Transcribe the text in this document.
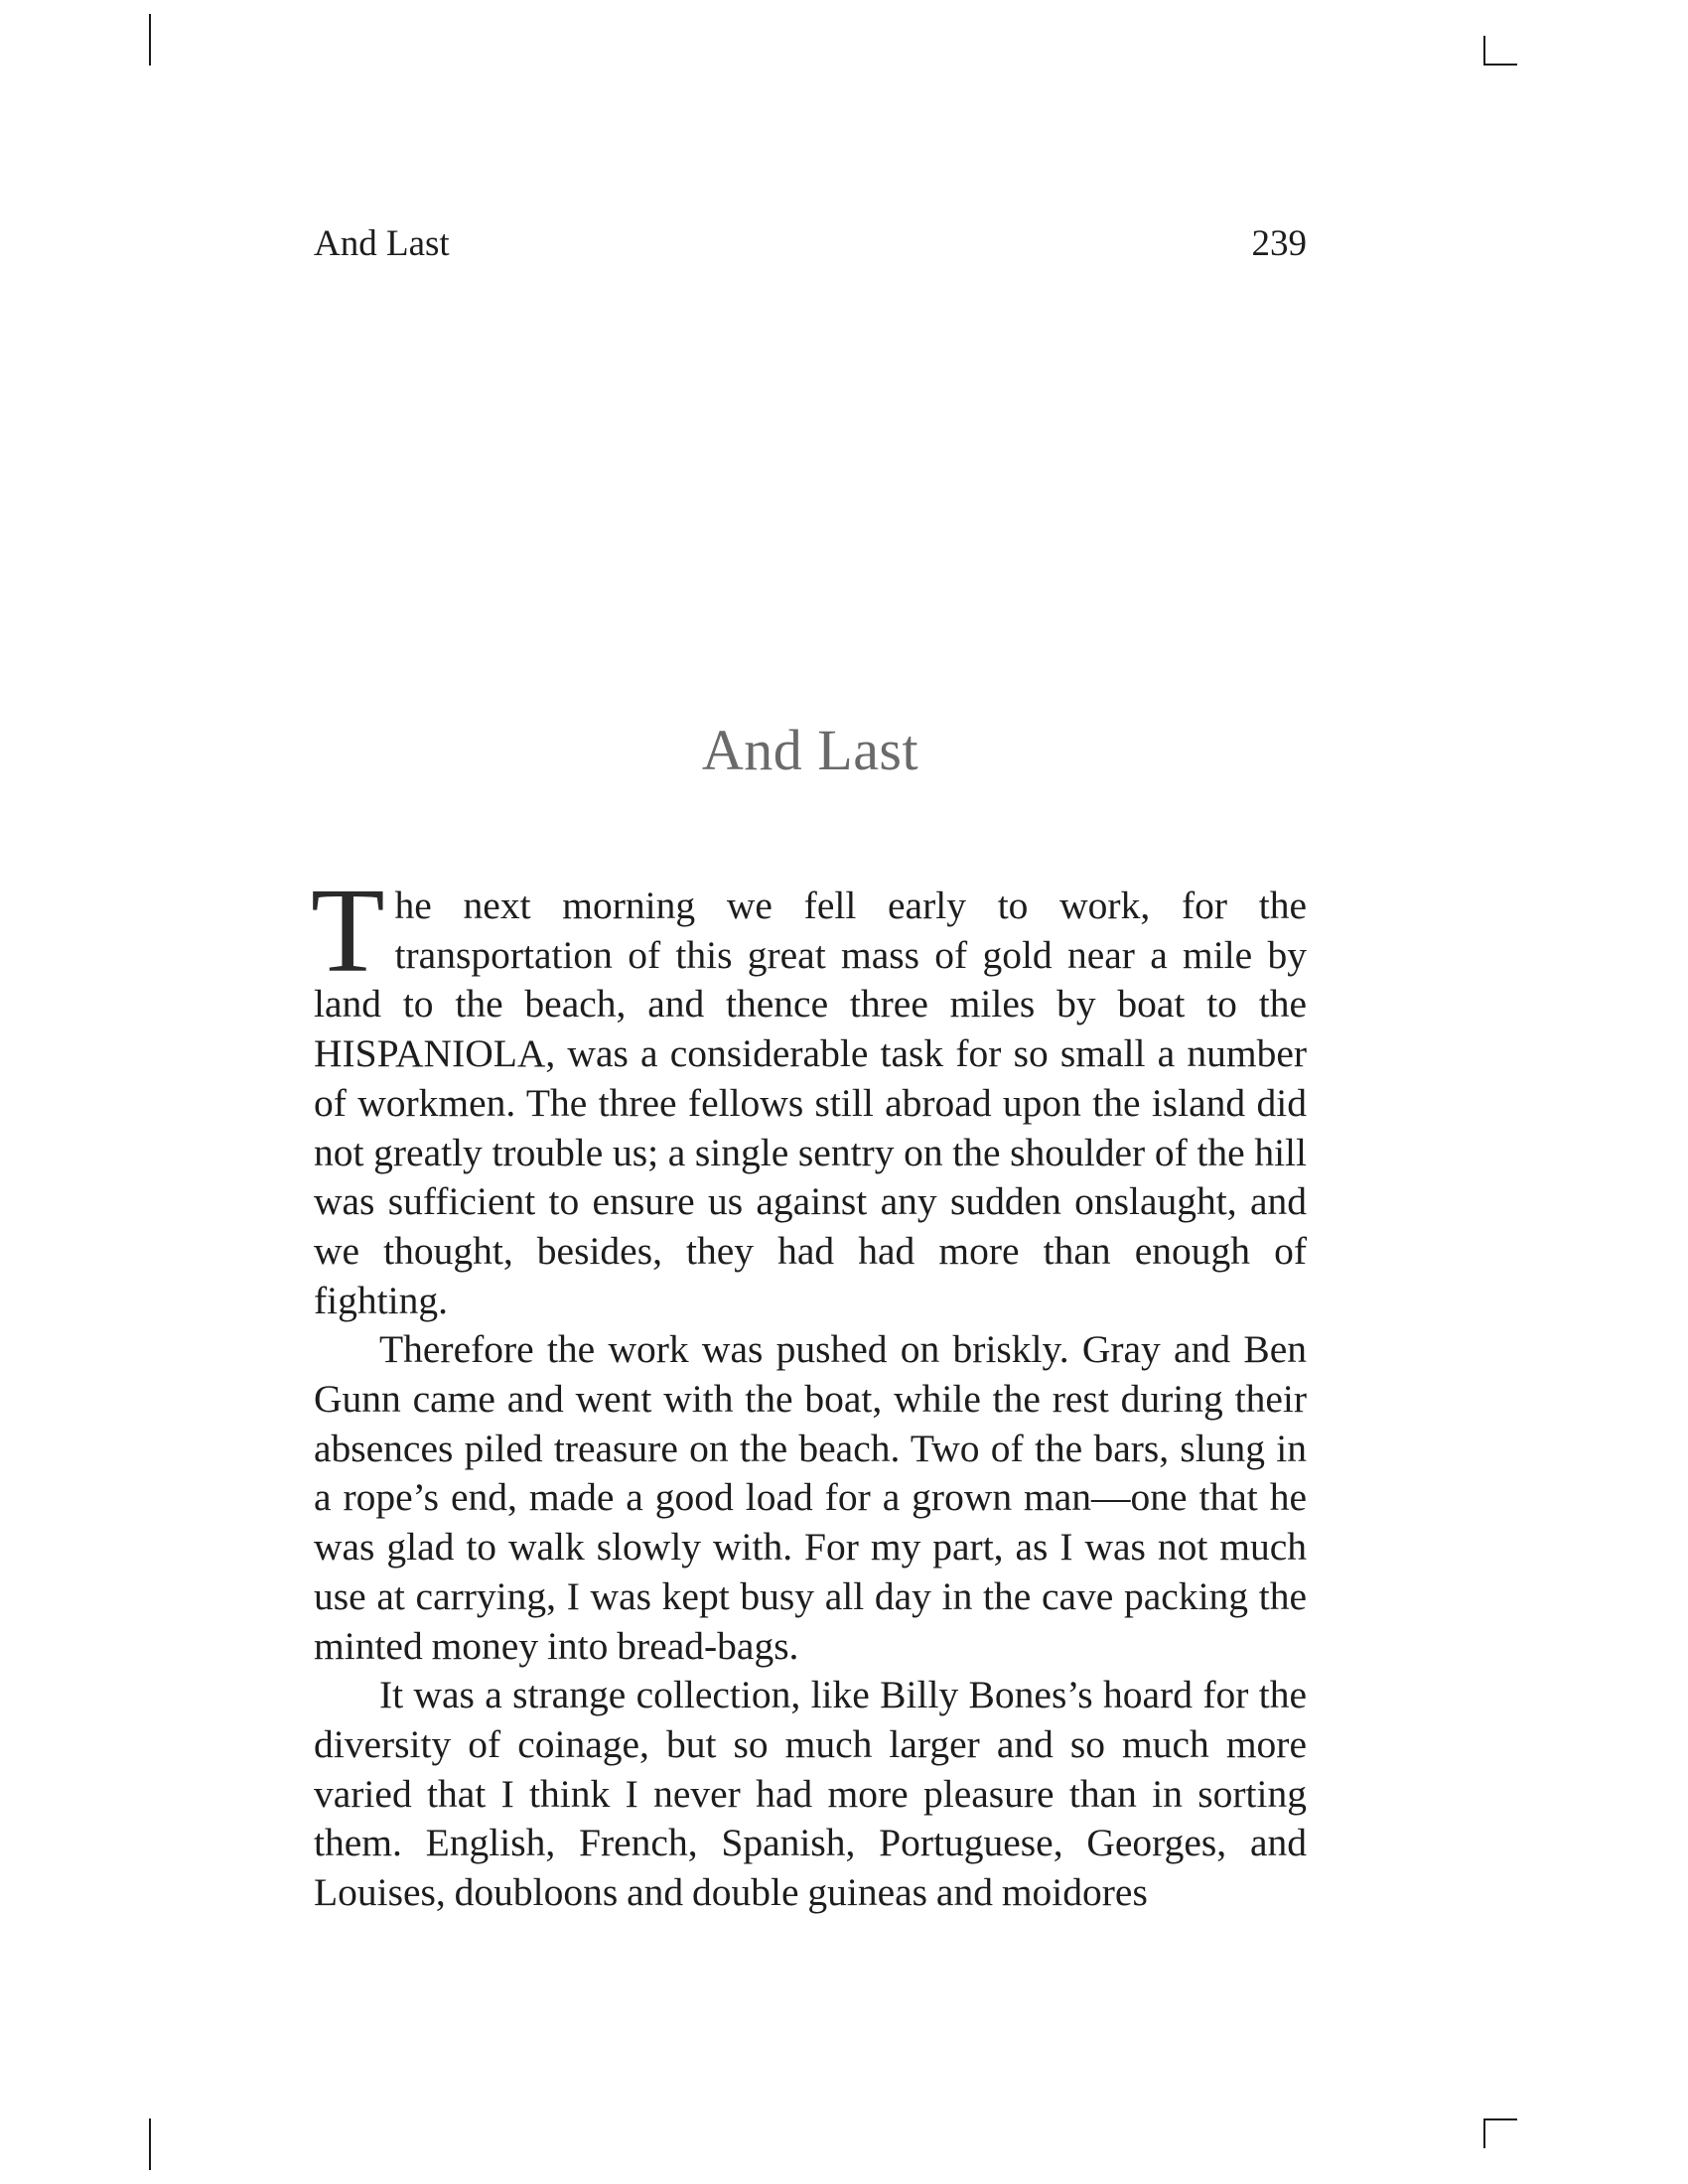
And Last	239
And Last

The next morning we fell early to work, for the transportation of this great mass of gold near a mile by land to the beach, and thence three miles by boat to the HISPANIOLA, was a considerable task for so small a number of workmen. The three fellows still abroad upon the island did not greatly trouble us; a single sentry on the shoulder of the hill was sufficient to ensure us against any sudden onslaught, and we thought, besides, they had had more than enough of fighting.

Therefore the work was pushed on briskly. Gray and Ben Gunn came and went with the boat, while the rest during their absences piled treasure on the beach. Two of the bars, slung in a rope’s end, made a good load for a grown man—one that he was glad to walk slowly with. For my part, as I was not much use at carrying, I was kept busy all day in the cave packing the minted money into bread-bags.

It was a strange collection, like Billy Bones’s hoard for the diversity of coinage, but so much larger and so much more varied that I think I never had more pleasure than in sorting them. English, French, Spanish, Portuguese, Georges, and Louises, doubloons and double guineas and moidores
